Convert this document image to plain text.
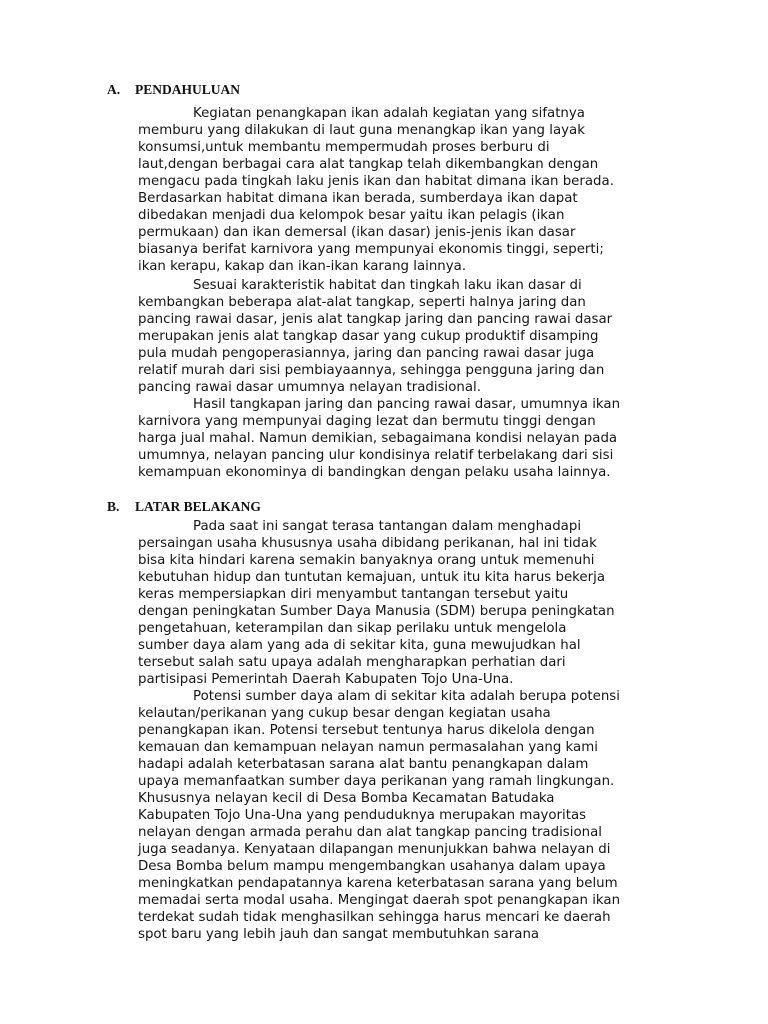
A. PENDAHULUAN

Kegiatan penangkapan ikan adalah kegiatan yang sifatnya
memburu yang dilakukan di laut guna menangkap ikan yang layak
konsumsi,untuk membantu mempermudah proses berburu di
laut,dengan berbagai cara alat tangkap telah dikembangkan dengan
mengacu pada tingkah laku jenis ikan dan habitat dimana ikan berada.
Berdasarkan habitat dimana ikan berada, sumberdaya ikan dapat
dibedakan menjadi dua kelompok besar yaitu ikan pelagis (ikan
permukaan) dan ikan demersal (ikan dasar) jenis-jenis ikan dasar
biasanya berifat karnivora yang mempunyai ekonomis tinggi, seperti;
ikan kerapu, kakap dan ikan-ikan karang lainnya.

Sesuai karakteristik habitat dan tingkah laku ikan dasar di
kembangkan beberapa alat-alat tangkap, seperti halnya jaring dan
pancing rawai dasar, jenis alat tangkap jaring dan pancing rawai dasar
merupakan jenis alat tangkap dasar yang cukup produktif disamping
pula mudah pengoperasiannya, jaring dan pancing rawai dasar juga
relatif murah dari sisi pembiayaannya, sehingga pengguna jaring dan
pancing rawai dasar umumnya nelayan tradisional.

Hasil tangkapan jaring dan pancing rawai dasar, umumnya ikan
karnivora yang mempunyai daging lezat dan bermutu tinggi dengan
harga jual mahal. Namun demikian, sebagaimana kondisi nelayan pada
umumnya, nelayan pancing ulur kondisinya relatif terbelakang dari sisi
kemampuan ekonominya di bandingkan dengan pelaku usaha lainnya.

B. LATAR BELAKANG

Pada saat ini sangat terasa tantangan dalam menghadapi
persaingan usaha khususnya usaha dibidang perikanan, hal ini tidak
bisa kita hindari karena semakin banyaknya orang untuk memenuhi
kebutuhan hidup dan tuntutan kemajuan, untuk itu kita harus bekerja
keras mempersiapkan diri menyambut tantangan tersebut yaitu
dengan peningkatan Sumber Daya Manusia (SDM) berupa peningkatan
pengetahuan, keterampilan dan sikap perilaku untuk mengelola
sumber daya alam yang ada di sekitar kita, guna mewujudkan hal
tersebut salah satu upaya adalah mengharapkan perhatian dari
partisipasi Pemerintah Daerah Kabupaten Tojo Una-Una.

Potensi sumber daya alam di sekitar kita adalah berupa potensi
kelautan/perikanan yang cukup besar dengan kegiatan usaha
penangkapan ikan. Potensi tersebut tentunya harus dikelola dengan
kemauan dan kemampuan nelayan namun permasalahan yang kami
hadapi adalah keterbatasan sarana alat bantu penangkapan dalam
upaya memanfaatkan sumber daya perikanan yang ramah lingkungan.
Khususnya nelayan kecil di Desa Bomba Kecamatan Batudaka
Kabupaten Tojo Una-Una yang penduduknya merupakan mayoritas
nelayan dengan armada perahu dan alat tangkap pancing tradisional
juga seadanya. Kenyataan dilapangan menunjukkan bahwa nelayan di
Desa Bomba belum mampu mengembangkan usahanya dalam upaya
meningkatkan pendapatannya karena keterbatasan sarana yang belum
memadai serta modal usaha. Mengingat daerah spot penangkapan ikan
terdekat sudah tidak menghasilkan sehingga harus mencari ke daerah
spot baru yang lebih jauh dan sangat membutuhkan sarana
